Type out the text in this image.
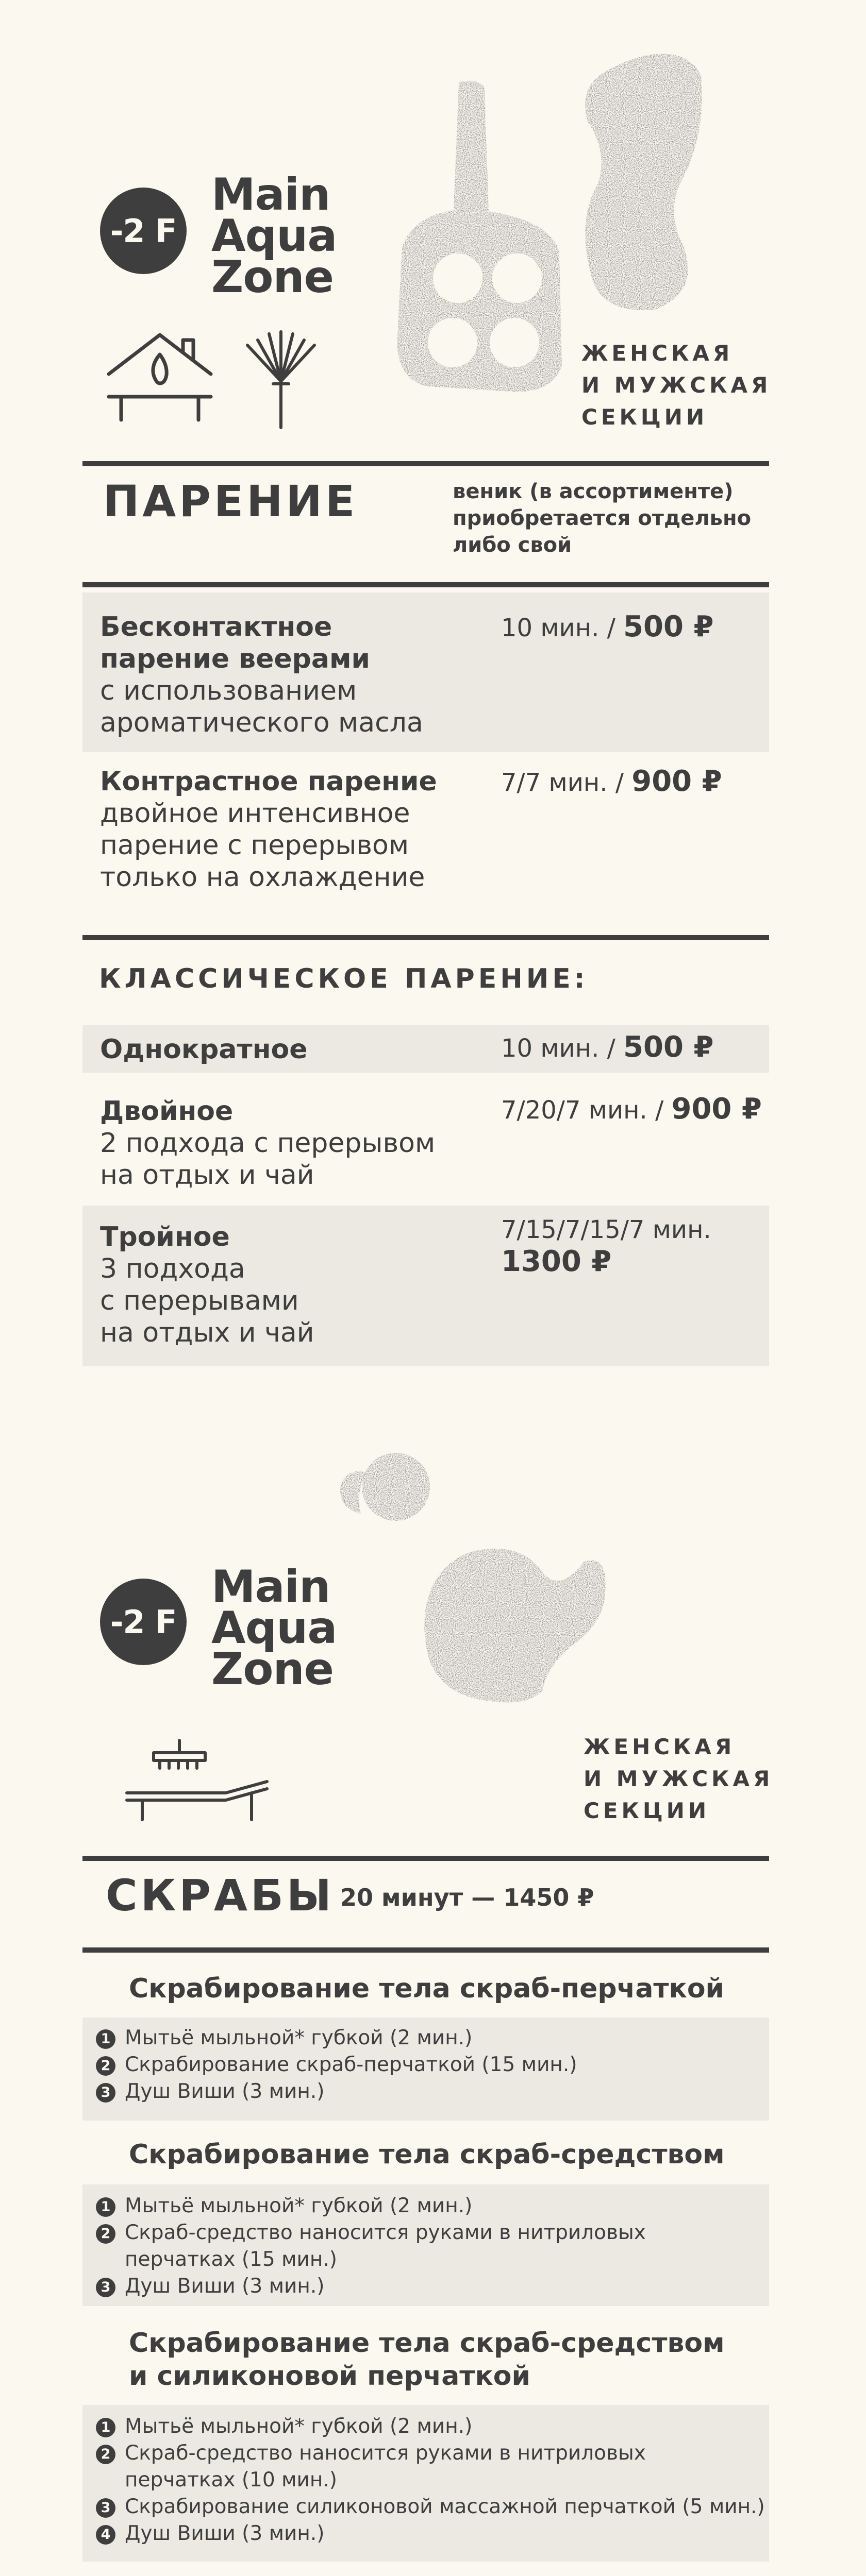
-2 F
Main
Aqua
Zone
ЖЕНСКАЯ
И МУЖСКАЯ
СЕКЦИИ
ПАРЕНИЕ	веник (в ассортименте)
приобретается отдельно
либо свой
Бесконтактное
парение веерами
с использованием
ароматического масла
10 мин. / 500 ₽
Контрастное парение
двойное интенсивное
парение с перерывом
только на охлаждение
7/7 мин. / 900 ₽
КЛАССИЧЕСКОЕ ПАРЕНИЕ:
Однократное	10 мин. / 500 ₽
Двойное
2 подхода с перерывом
на отдых и чай
7/20/7 мин. / 900 ₽
Тройное
3 подхода
с перерывами
на отдых и чай
7/15/7/15/7 мин.
1300 ₽
-2 F
Main
Aqua
Zone
ЖЕНСКАЯ
И МУЖСКАЯ
СЕКЦИИ
СКРАБЫ 20 минут — 1450 ₽
Скрабирование тела скраб-перчаткой
1 Мытьё мыльной* губкой (2 мин.)
2 Скрабирование скраб-перчаткой (15 мин.)
3 Душ Виши (3 мин.)
Скрабирование тела скраб-средством
1 Мытьё мыльной* губкой (2 мин.)
2 Скраб-средство наносится руками в нитриловых
перчатках (15 мин.)
3 Душ Виши (3 мин.)
Скрабирование тела скраб-средством
и силиконовой перчаткой
1 Мытьё мыльной* губкой (2 мин.)
2 Скраб-средство наносится руками в нитриловых
перчатках (10 мин.)
3 Скрабирование силиконовой массажной перчаткой (5 мин.)
4 Душ Виши (3 мин.)
